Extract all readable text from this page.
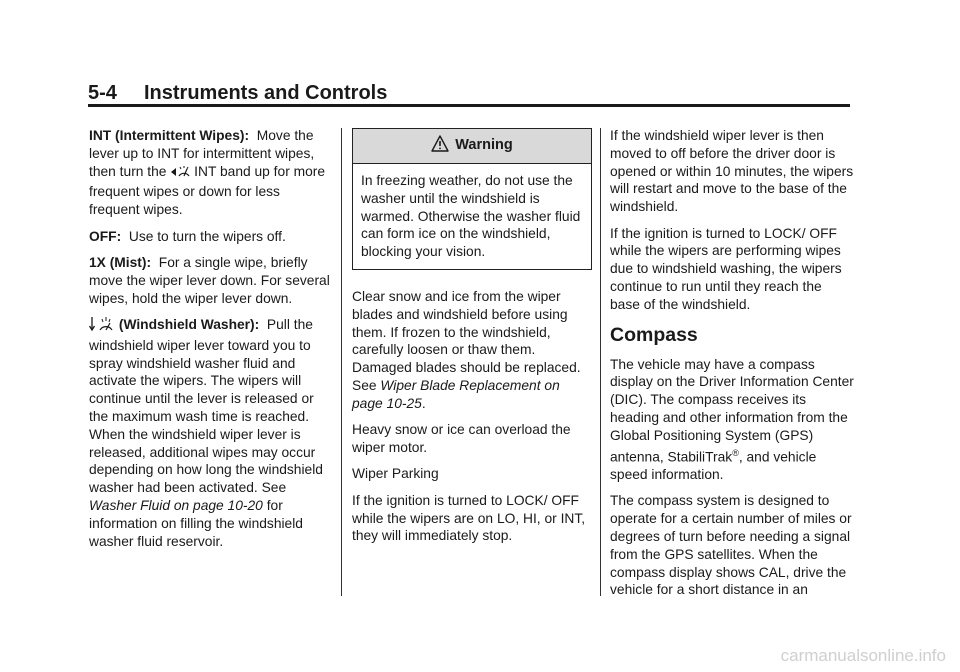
5-4 Instruments and Controls

INT (Intermittent Wipes): Move the lever up to INT for intermittent wipes, then turn the INT band up for more frequent wipes or down for less frequent wipes.

OFF: Use to turn the wipers off.

1X (Mist): For a single wipe, briefly move the wiper lever down. For several wipes, hold the wiper lever down.

(Windshield Washer): Pull the windshield wiper lever toward you to spray windshield washer fluid and activate the wipers. The wipers will continue until the lever is released or the maximum wash time is reached. When the windshield wiper lever is released, additional wipes may occur depending on how long the windshield washer had been activated. See Washer Fluid on page 10-20 for information on filling the windshield washer fluid reservoir.

Warning
In freezing weather, do not use the washer until the windshield is warmed. Otherwise the washer fluid can form ice on the windshield, blocking your vision.

Clear snow and ice from the wiper blades and windshield before using them. If frozen to the windshield, carefully loosen or thaw them. Damaged blades should be replaced. See Wiper Blade Replacement on page 10-25.

Heavy snow or ice can overload the wiper motor.

Wiper Parking

If the ignition is turned to LOCK/ OFF while the wipers are on LO, HI, or INT, they will immediately stop.

If the windshield wiper lever is then moved to off before the driver door is opened or within 10 minutes, the wipers will restart and move to the base of the windshield.

If the ignition is turned to LOCK/ OFF while the wipers are performing wipes due to windshield washing, the wipers continue to run until they reach the base of the windshield.

Compass

The vehicle may have a compass display on the Driver Information Center (DIC). The compass receives its heading and other information from the Global Positioning System (GPS) antenna, StabiliTrak®, and vehicle speed information.

The compass system is designed to operate for a certain number of miles or degrees of turn before needing a signal from the GPS satellites. When the compass display shows CAL, drive the vehicle for a short distance in an

carmanualsonline.info
